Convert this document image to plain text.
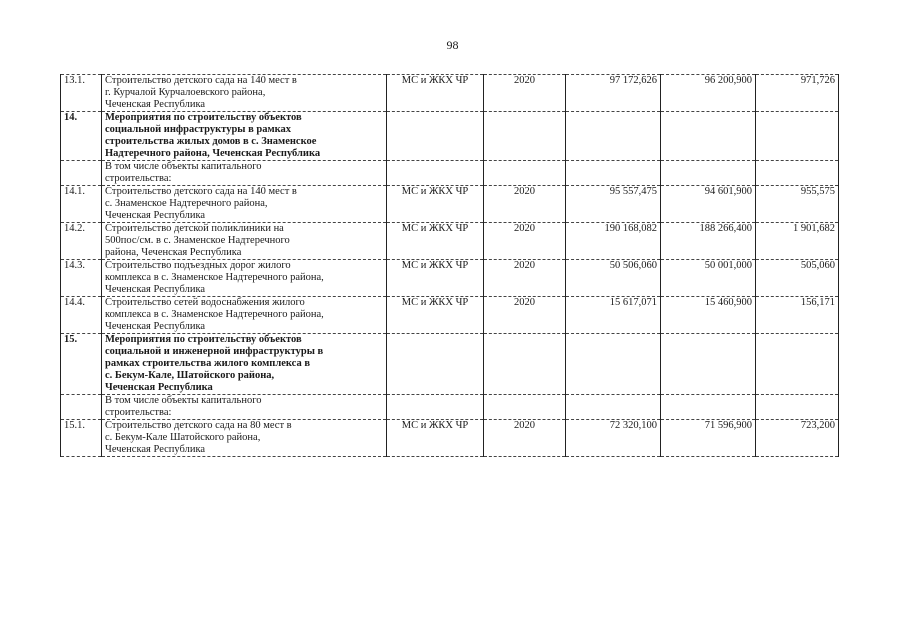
98
13.1.	Строительство детского сада на 140 мест в
г. Курчалой Курчалоевского района,
Чеченская Республика	МС и ЖКХ ЧР	2020	97 172,626	96 200,900	971,726
14.	Мероприятия по строительству объектов
социальной инфраструктуры в рамках
строительства жилых домов в с. Знаменское
Надтеречного района, Чеченская Республика					

	В том числе объекты капитального
строительства:					

14.1.	Строительство детского сада на 140 мест в
с. Знаменское Надтеречного района,
Чеченская Республика	МС и ЖКХ ЧР	2020	95 557,475	94 601,900	955,575
14.2.	Строительство детской поликлиники на
500пос/см. в с. Знаменское Надтеречного
района, Чеченская Республика	МС и ЖКХ ЧР	2020	190 168,082	188 266,400	1 901,682
14.3.	Строительство подъездных дорог жилого
комплекса в с. Знаменское Надтеречного района,
Чеченская Республика	МС и ЖКХ ЧР	2020	50 506,060	50 001,000	505,060
14.4.	Строительство сетей водоснабжения жилого
комплекса в с. Знаменское Надтеречного района,
Чеченская Республика	МС и ЖКХ ЧР	2020	15 617,071	15 460,900	156,171
15.	Мероприятия по строительству объектов
социальной и инженерной инфраструктуры в
рамках строительства жилого комплекса в
с. Бекум-Кале, Шатойского района,
Чеченская Республика					

	В том числе объекты капитального
строительства:					

15.1.	Строительство детского сада на 80 мест в
с. Бекум-Кале Шатойского района,
Чеченская Республика	МС и ЖКХ ЧР	2020	72 320,100	71 596,900	723,200
